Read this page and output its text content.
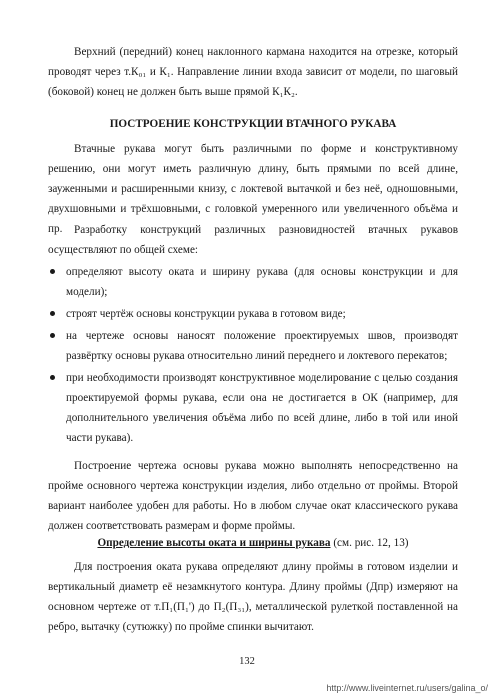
Верхний (передний) конец наклонного кармана находится на отрезке, который проводят через т.К₀₁ и К₁. Направление линии входа зависит от модели, по шаговый (боковой) конец не должен быть выше прямой К₁К₂.

ПОСТРОЕНИЕ КОНСТРУКЦИИ ВТАЧНОГО РУКАВА

Втачные рукава могут быть различными по форме и конструктивному решению, они могут иметь различную длину, быть прямыми по всей длине, зауженными и расширенными книзу, с локтевой вытачкой и без неё, одношовными, двухшовными и трёхшовными, с головкой умеренного или увеличенного объёма и пр.	Разработку конструкций различных разновидностей втачных рукавов осуществляют по общей схеме:

определяют высоту оката и ширину рукава (для основы конструкции и для модели);
строят чертёж основы конструкции рукава в готовом виде;
на чертеже основы наносят положение проектируемых швов, производят развёртку основы рукава относительно линий переднего и локтевого перекатов;
при необходимости производят конструктивное моделирование с целью создания проектируемой формы рукава, если она не достигается в ОК (например, для дополнительного увеличения объёма либо по всей длине, либо в той или иной части рукава).

Построение чертежа основы рукава можно выполнять непосредственно на пройме основного чертежа конструкции изделия, либо отдельно от проймы. Второй вариант наиболее удобен для работы. Но в любом случае окат классического рукава должен соответствовать размерам и форме проймы.

Определение высоты оката и ширины рукава (см. рис. 12, 13)

Для построения оката рукава определяют длину проймы в готовом изделии и вертикальный диаметр её незамкнутого контура. Длину проймы (Дпр) измеряют на основном чертеже от т.П₁(П₁') до П₂(П₃₁), металлической рулеткой поставленной на ребро, вытачку (сутюжку) по пройме спинки вычитают.

132
http://www.liveinternet.ru/users/galina_o/
